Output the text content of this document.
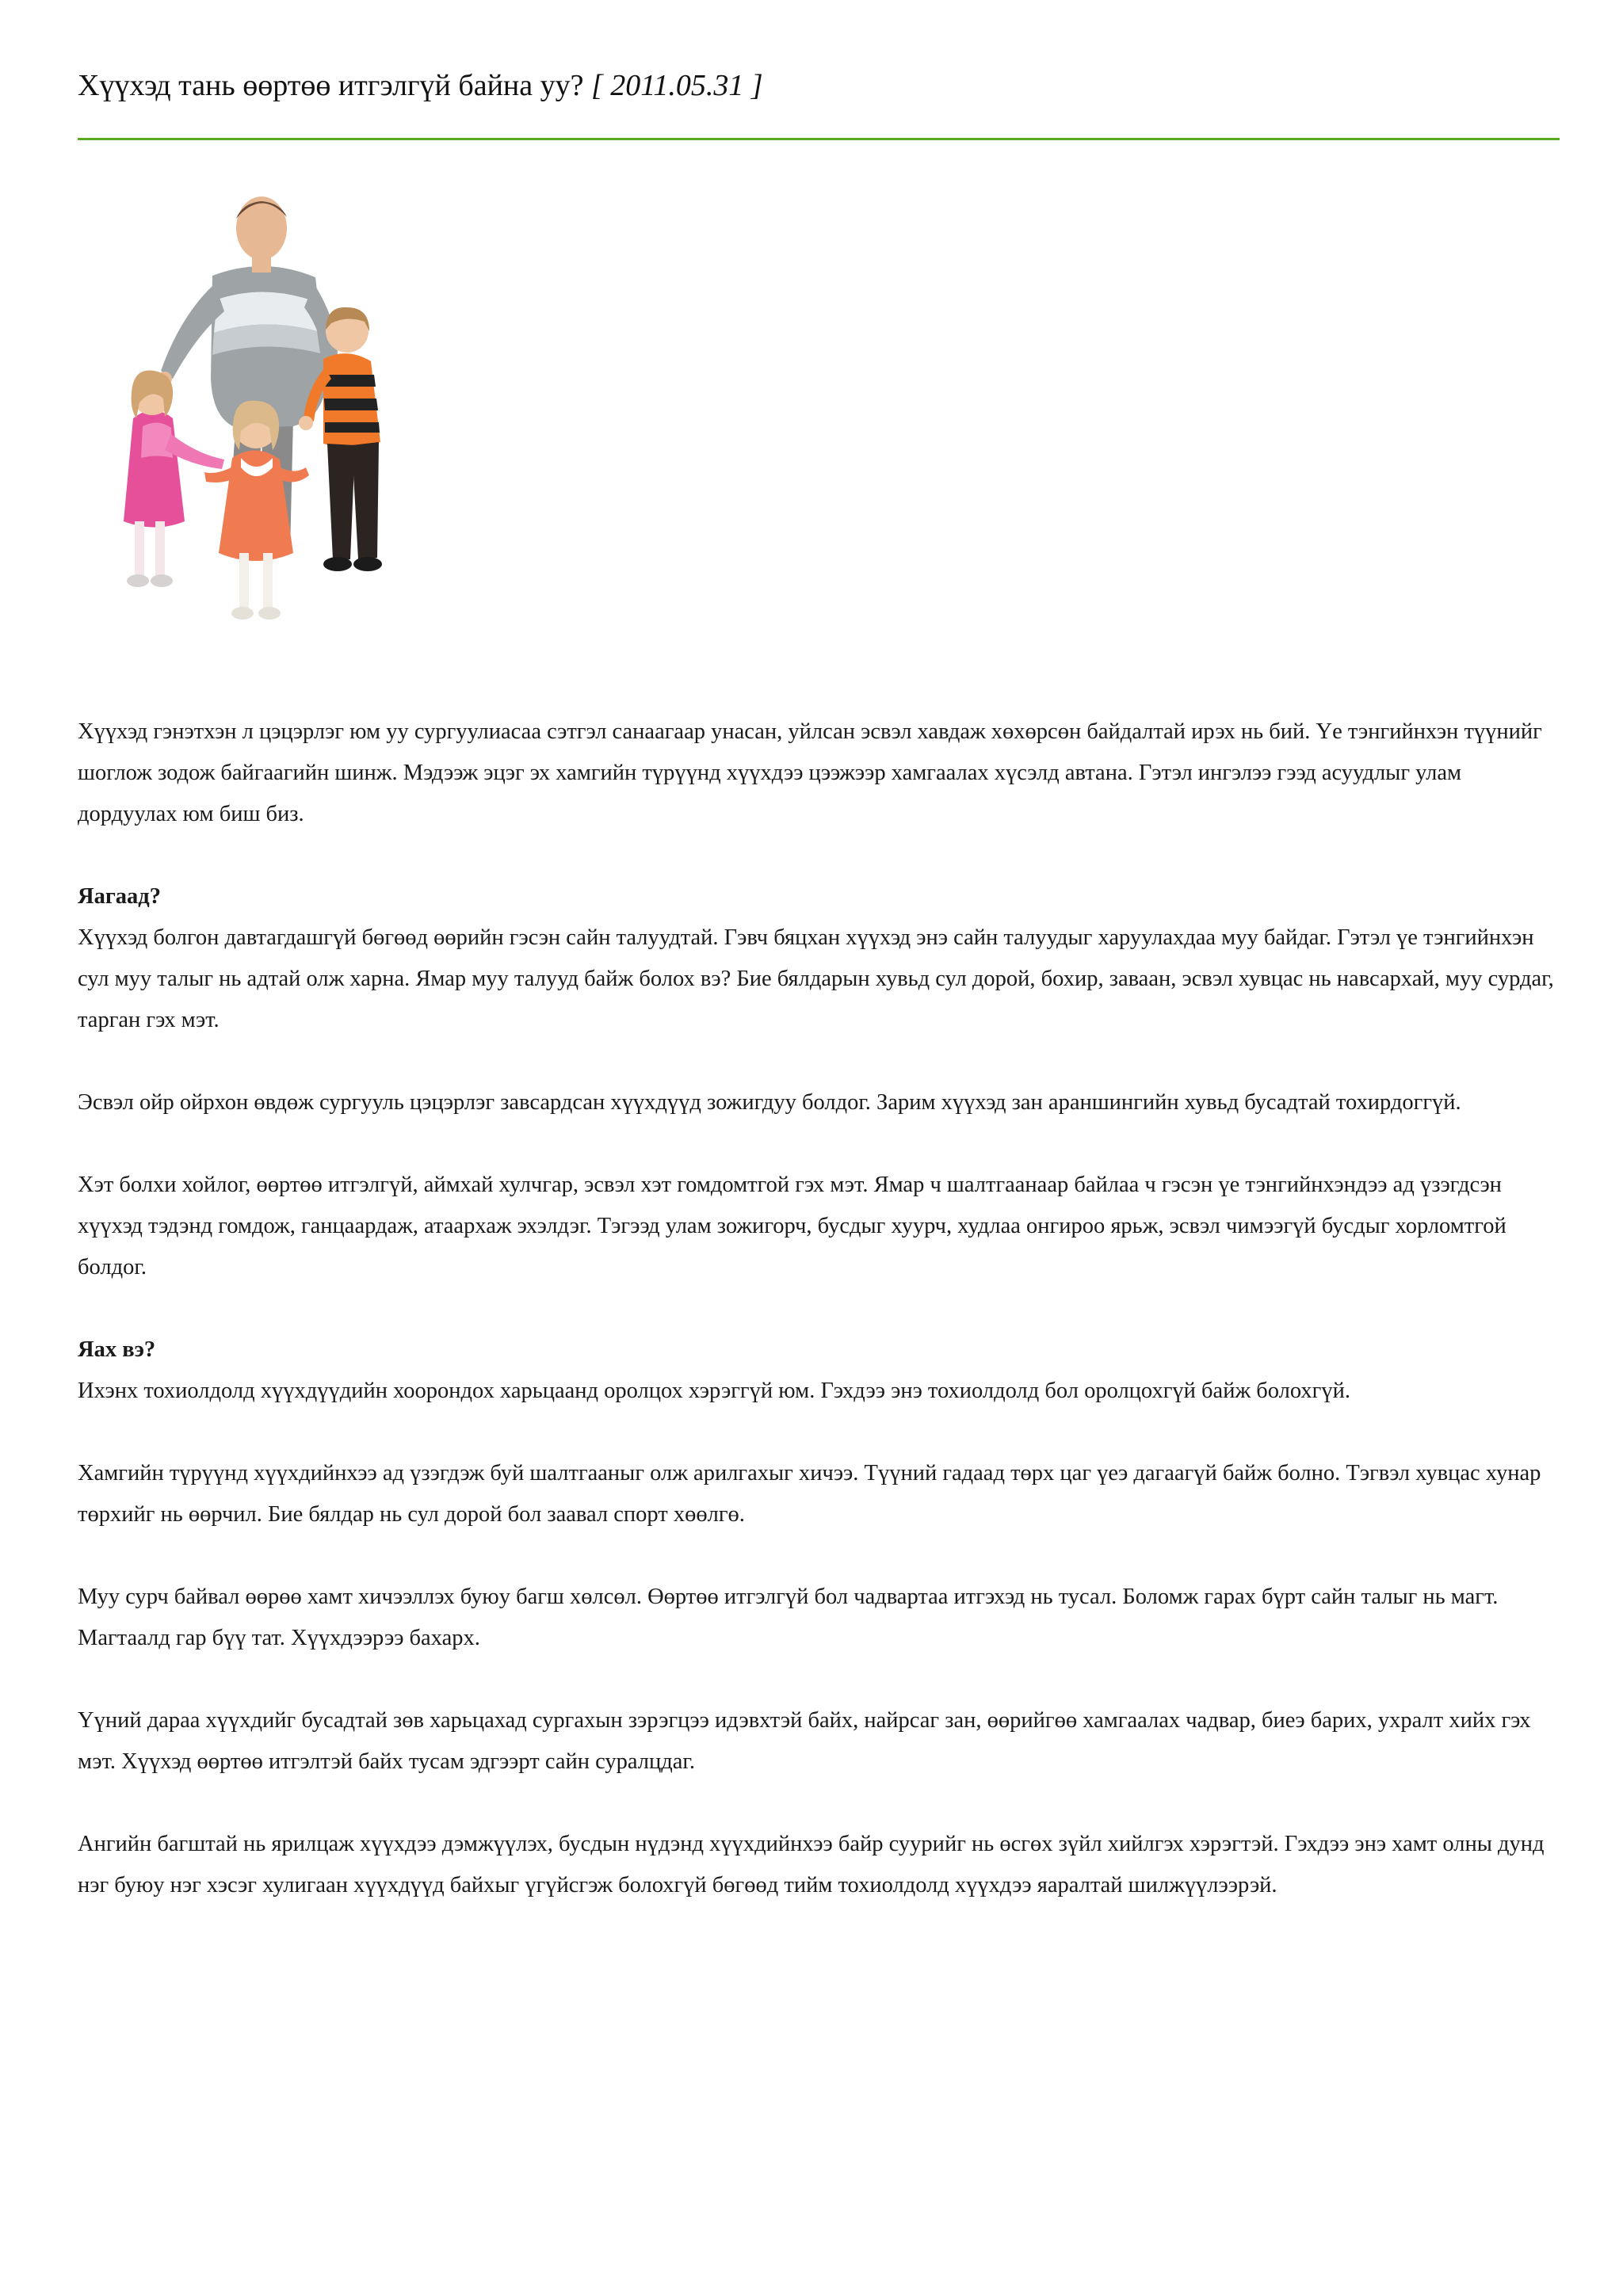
Хүүхэд тань өөртөө итгэлгүй байна уу? [ 2011.05.31 ]

Хүүхэд гэнэтхэн л цэцэрлэг юм уу сургуулиасаа сэтгэл санаагаар унасан, уйлсан эсвэл хавдаж хөхөрсөн байдалтай ирэх нь бий. Үе тэнгийнхэн түүнийг шоглож зодож байгаагийн шинж. Мэдээж эцэг эх хамгийн түрүүнд хүүхдээ цээжээр хамгаалах хүсэлд автана. Гэтэл ингэлээ гээд асуудлыг улам дордуулах юм биш биз.

Яагаад?

Хүүхэд болгон давтагдашгүй бөгөөд өөрийн гэсэн сайн талуудтай. Гэвч бяцхан хүүхэд энэ сайн талуудыг харуулахдаа муу байдаг. Гэтэл үе тэнгийнхэн сул муу талыг нь адтай олж харна. Ямар муу талууд байж болох вэ? Бие бялдарын хувьд сул дорой, бохир, заваан, эсвэл хувцас нь навсархай, муу сурдаг, тарган гэх мэт.

Эсвэл ойр ойрхон өвдөж сургууль цэцэрлэг завсардсан хүүхдүүд зожигдуу болдог. Зарим хүүхэд зан араншингийн хувьд бусадтай тохирдоггүй.

Хэт болхи хойлог, өөртөө итгэлгүй, аймхай хулчгар, эсвэл хэт гомдомтгой гэх мэт. Ямар ч шалтгаанаар байлаа ч гэсэн үе тэнгийнхэндээ ад үзэгдсэн хүүхэд тэдэнд гомдож, ганцаардаж, атаархаж эхэлдэг. Тэгээд улам зожигорч, бусдыг хуурч, худлаа онгироо ярьж, эсвэл чимээгүй бусдыг хорломтгой болдог.

Яах вэ?

Ихэнх тохиолдолд хүүхдүүдийн хоорондох харьцаанд оролцох хэрэггүй юм. Гэхдээ энэ тохиолдолд бол оролцохгүй байж болохгүй.

Хамгийн түрүүнд хүүхдийнхээ ад үзэгдэж буй шалтгааныг олж арилгахыг хичээ. Түүний гадаад төрх цаг үеэ дагаагүй байж болно. Тэгвэл хувцас хунар төрхийг нь өөрчил. Бие бялдар нь сул дорой бол заавал спорт хөөлгө.

Муу сурч байвал өөрөө хамт хичээллэх буюу багш хөлсөл. Өөртөө итгэлгүй бол чадвартаа итгэхэд нь тусал. Боломж гарах бүрт сайн талыг нь магт. Магтаалд гар бүү тат. Хүүхдээрээ бахарх.

Үүний дараа хүүхдийг бусадтай зөв харьцахад сургахын зэрэгцээ идэвхтэй байх, найрсаг зан, өөрийгөө хамгаалах чадвар, биеэ барих, ухралт хийх гэх мэт. Хүүхэд өөртөө итгэлтэй байх тусам эдгээрт сайн суралцдаг.

Ангийн багштай нь ярилцаж хүүхдээ дэмжүүлэх, бусдын нүдэнд хүүхдийнхээ байр суурийг нь өсгөх зүйл хийлгэх хэрэгтэй. Гэхдээ энэ хамт олны дунд нэг буюу нэг хэсэг хулигаан хүүхдүүд байхыг үгүйсгэж болохгүй бөгөөд тийм тохиолдолд хүүхдээ яаралтай шилжүүлээрэй.
